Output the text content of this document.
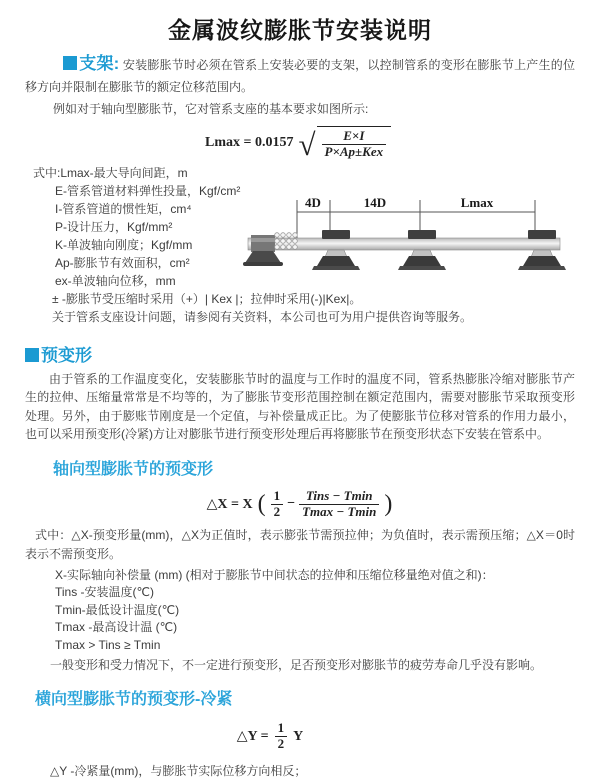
金属波纹膨胀节安装说明

支架: 安装膨胀节时必须在管系上安装必要的支架，以控制管系的变形在膨胀节上产生的位移方向并限制在膨胀节的额定位移范围内。

例如对于轴向型膨胀节，它对管系支座的基本要求如图所示:

Lmax = 0.0157 √ $\frac{E\times I}{\text{P×Ap±Kex}}$
式中:Lmax-最大导向间距，m
E-管系管道材料弹性投量，Kgf/cm²
I-管系管道的惯性矩，cm⁴
P-设计压力，Kgf/mm²
K-单波轴向刚度；Kgf/mm
Ap-膨胀节有效面积，cm²
ex-单波轴向位移，mm
± -膨胀节受压缩时采用（+）| Kex |；拉伸时采用(-)|Kex|。
关于管系支座设计问题，请参阅有关资料，本公司也可为用户提供咨询等服务。
4D	14D	Lmax
预变形

由于管系的工作温度变化，安装膨胀节时的温度与工作时的温度不同，管系热膨胀冷缩对膨胀节产生的拉伸、压缩量常常是不均等的，为了膨胀节变形范围控制在额定范围内，需要对膨胀节采取预变形处理。另外，由于膨账节刚度是一个定值，与补偿量成正比。为了使膨胀节位移对管系的作用力最小，也可以采用预变形(冷紧)方让对膨胀节进行预变形处理后再将膨胀节在预变形状态下安装在管系中。

轴向型膨胀节的预变形
△X = X ( $\frac{1}{2} - \frac{\text{Tins − Tmin}}{Tmax - Tmin}$ )

式中：△X-预变形量(mm)，△X为正值时，表示膨张节需预拉伸；为负值时，表示需预压缩；△X＝0时表示不需预变形。

X-实际轴向补偿量 (mm) (相对于膨胀节中间状态的拉伸和压缩位移量绝对值之和)：
Tins -安装温度(℃)
Tmin-最低设计温度(℃)
Tmax -最高设计温 (℃)
Tmax > Tins ≥ Tmin
一般变形和受力情况下，不一定进行预变形，足否预变形对膨胀节的疲劳寿命几乎没有影响。
横向型膨胀节的预变形-冷紧
△Y = $\frac{1}{2}$ Y
△Y -冷紧量(mm)，与膨胀节实际位移方向相反；
